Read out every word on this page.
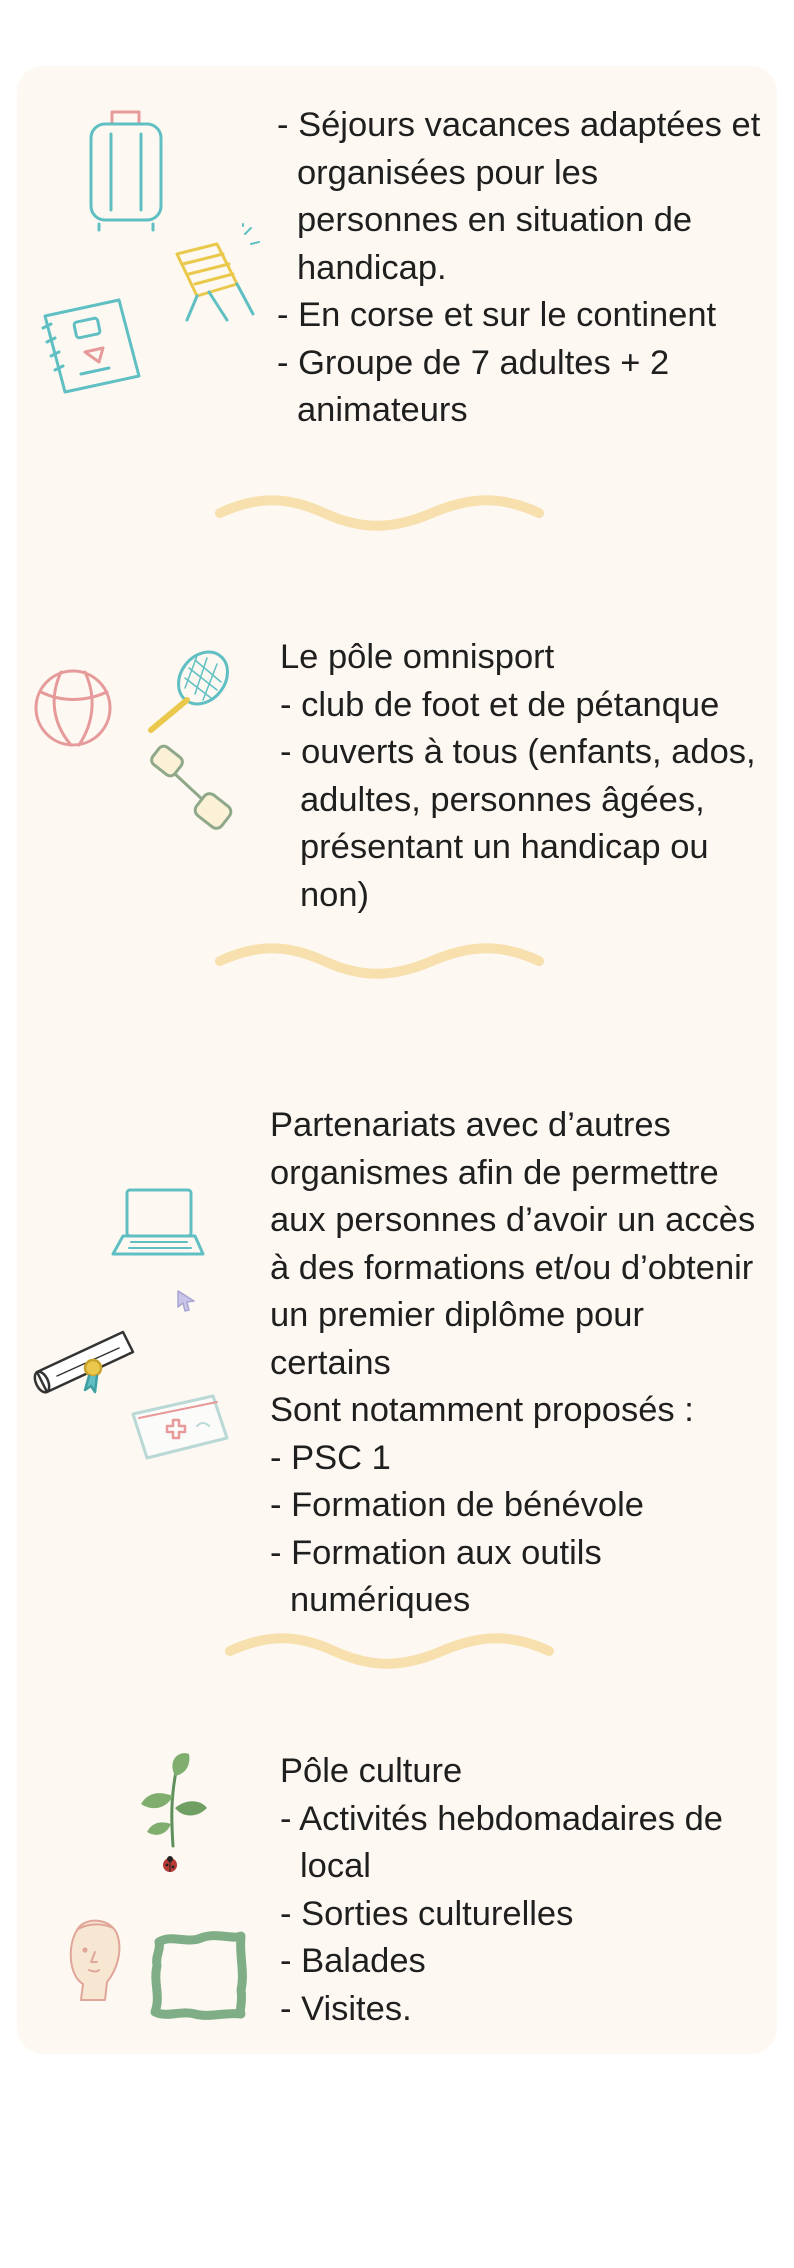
- Séjours vacances adaptées et organisées pour les personnes en situation de handicap.
- En corse et sur le continent
- Groupe de 7 adultes + 2 animateurs
Le pôle omnisport
- club de foot et de pétanque
- ouverts à tous (enfants, ados, adultes, personnes âgées, présentant un handicap ou non)
Partenariats avec d’autres organismes afin de permettre aux personnes d’avoir un accès à des formations et/ou d’obtenir un premier diplôme pour certains
Sont notamment proposés :
- PSC 1
- Formation de bénévole
- Formation aux outils numériques
Pôle culture
- Activités hebdomadaires de local
- Sorties culturelles
- Balades
- Visites.
